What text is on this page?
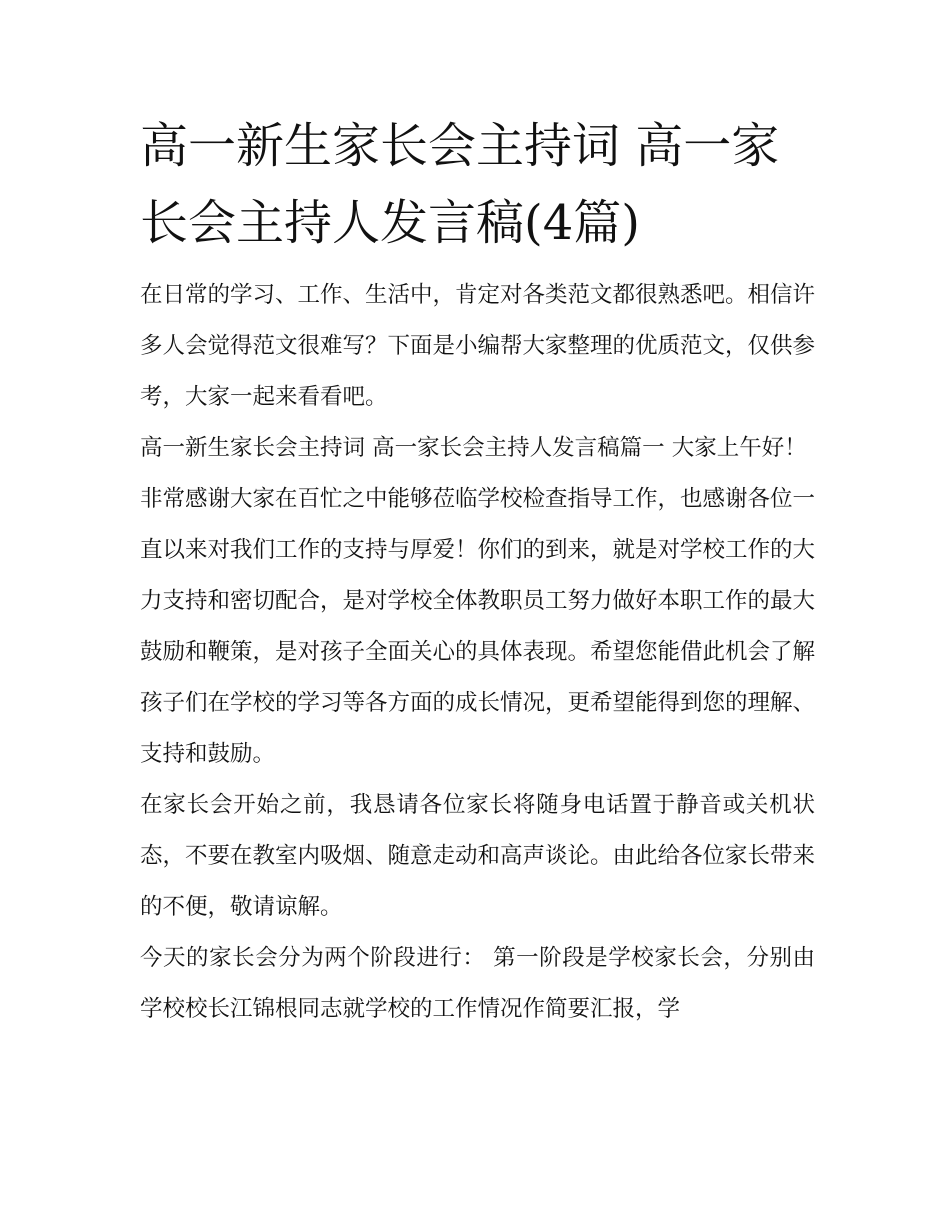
高一新生家长会主持词 高一家长会主持人发言稿(4篇)

在日常的学习、工作、生活中，肯定对各类范文都很熟悉吧。相信许多人会觉得范文很难写？下面是小编帮大家整理的优质范文，仅供参考，大家一起来看看吧。

高一新生家长会主持词 高一家长会主持人发言稿篇一 大家上午好！

非常感谢大家在百忙之中能够莅临学校检查指导工作，也感谢各位一直以来对我们工作的支持与厚爱！你们的到来，就是对学校工作的大力支持和密切配合，是对学校全体教职员工努力做好本职工作的最大鼓励和鞭策，是对孩子全面关心的具体表现。希望您能借此机会了解孩子们在学校的学习等各方面的成长情况，更希望能得到您的理解、支持和鼓励。

在家长会开始之前，我恳请各位家长将随身电话置于静音或关机状态，不要在教室内吸烟、随意走动和高声谈论。由此给各位家长带来的不便，敬请谅解。

今天的家长会分为两个阶段进行： 第一阶段是学校家长会，分别由学校校长江锦根同志就学校的工作情况作简要汇报，学
